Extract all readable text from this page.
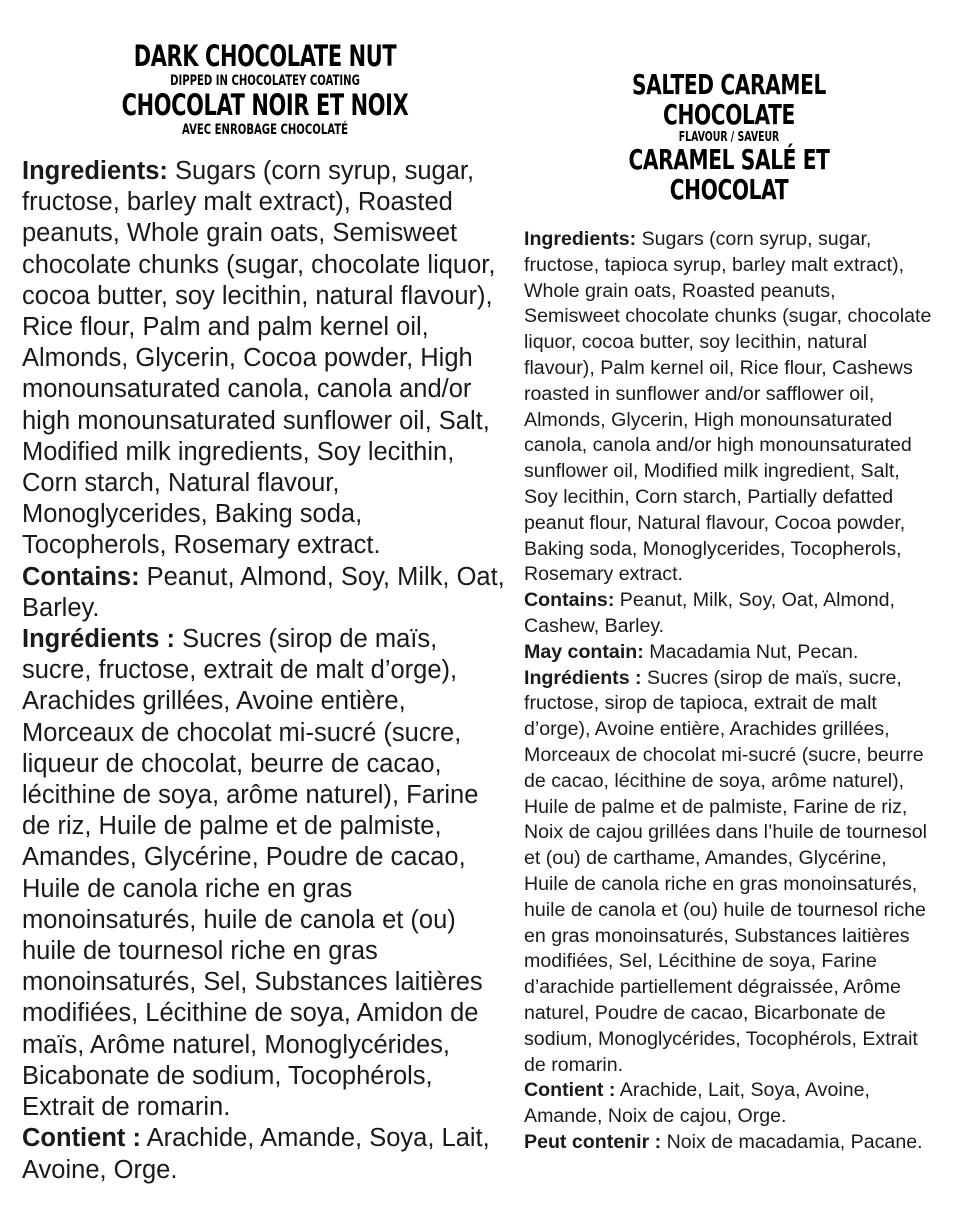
DARK CHOCOLATE NUT
DIPPED IN CHOCOLATEY COATING
CHOCOLAT NOIR ET NOIX
AVEC ENROBAGE CHOCOLATÉ

Ingredients: Sugars (corn syrup, sugar, fructose, barley malt extract), Roasted peanuts, Whole grain oats, Semisweet chocolate chunks (sugar, chocolate liquor, cocoa butter, soy lecithin, natural flavour), Rice flour, Palm and palm kernel oil, Almonds, Glycerin, Cocoa powder, High monounsaturated canola, canola and/or high monounsaturated sunflower oil, Salt, Modified milk ingredients, Soy lecithin, Corn starch, Natural flavour, Monoglycerides, Baking soda, Tocopherols, Rosemary extract.

Contains: Peanut, Almond, Soy, Milk, Oat, Barley.

Ingrédients : Sucres (sirop de maïs, sucre, fructose, extrait de malt d’orge), Arachides grillées, Avoine entière, Morceaux de chocolat mi-sucré (sucre, liqueur de chocolat, beurre de cacao, lécithine de soya, arôme naturel), Farine de riz, Huile de palme et de palmiste, Amandes, Glycérine, Poudre de cacao, Huile de canola riche en gras monoinsaturés, huile de canola et (ou) huile de tournesol riche en gras monoinsaturés, Sel, Substances laitières modifiées, Lécithine de soya, Amidon de maïs, Arôme naturel, Monoglycérides, Bicabonate de sodium, Tocophérols, Extrait de romarin.

Contient : Arachide, Amande, Soya, Lait, Avoine, Orge.

SALTED CARAMEL CHOCOLATE
FLAVOUR / SAVEUR
CARAMEL SALÉ ET CHOCOLAT

Ingredients: Sugars (corn syrup, sugar, fructose, tapioca syrup, barley malt extract), Whole grain oats, Roasted peanuts, Semisweet chocolate chunks (sugar, chocolate liquor, cocoa butter, soy lecithin, natural flavour), Palm kernel oil, Rice flour, Cashews roasted in sunflower and/or safflower oil, Almonds, Glycerin, High monounsaturated canola, canola and/or high monounsaturated sunflower oil, Modified milk ingredient, Salt, Soy lecithin, Corn starch, Partially defatted peanut flour, Natural flavour, Cocoa powder, Baking soda, Monoglycerides, Tocopherols, Rosemary extract.

Contains: Peanut, Milk, Soy, Oat, Almond, Cashew, Barley.

May contain: Macadamia Nut, Pecan.

Ingrédients : Sucres (sirop de maïs, sucre, fructose, sirop de tapioca, extrait de malt d’orge), Avoine entière, Arachides grillées, Morceaux de chocolat mi-sucré (sucre, beurre de cacao, lécithine de soya, arôme naturel), Huile de palme et de palmiste, Farine de riz, Noix de cajou grillées dans l’huile de tournesol et (ou) de carthame, Amandes, Glycérine, Huile de canola riche en gras monoinsaturés, huile de canola et (ou) huile de tournesol riche en gras monoinsaturés, Substances laitières modifiées, Sel, Lécithine de soya, Farine d’arachide partiellement dégraissée, Arôme naturel, Poudre de cacao, Bicarbonate de sodium, Monoglycérides, Tocophérols, Extrait de romarin.

Contient : Arachide, Lait, Soya, Avoine, Amande, Noix de cajou, Orge.

Peut contenir : Noix de macadamia, Pacane.
